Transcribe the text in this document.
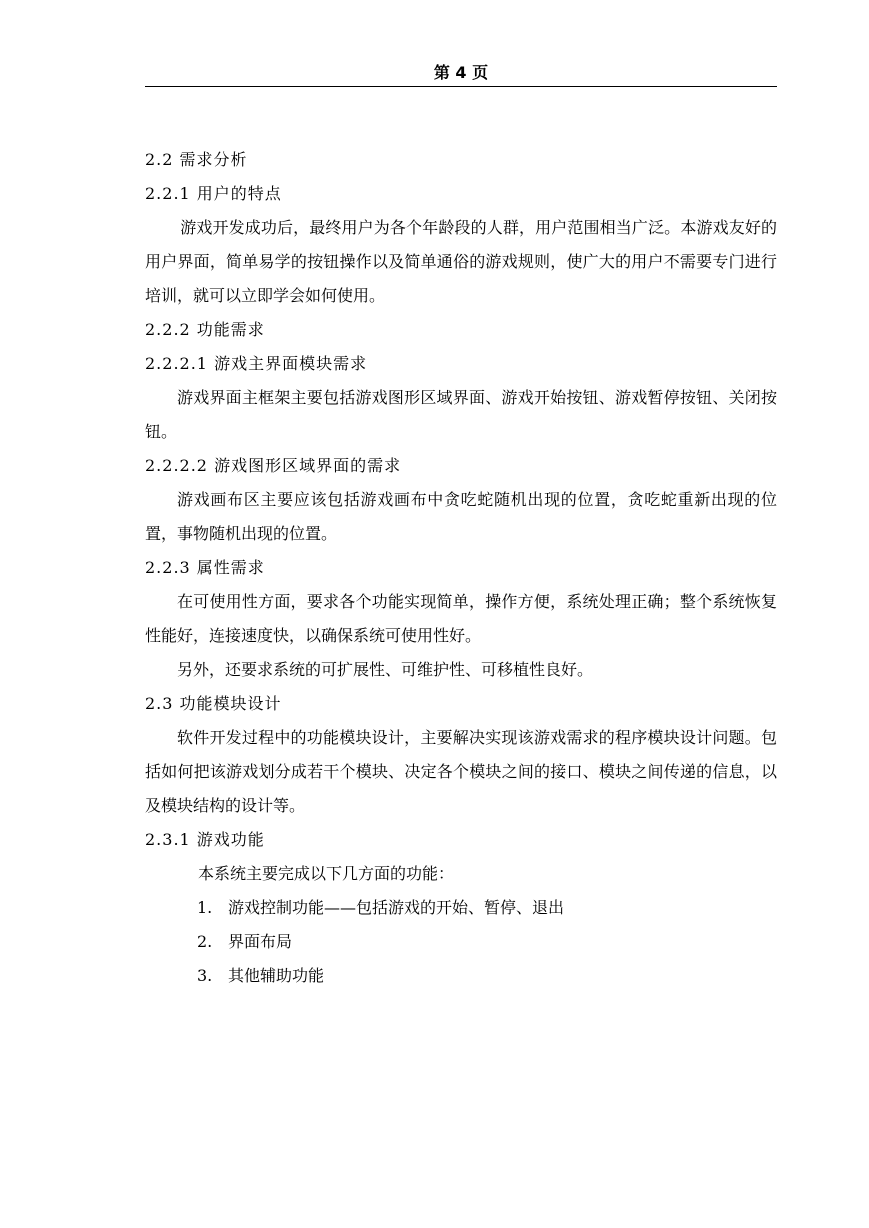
第 4 页

2.2 需求分析

2.2.1 用户的特点

游戏开发成功后，最终用户为各个年龄段的人群，用户范围相当广泛。本游戏友好的用户界面，简单易学的按钮操作以及简单通俗的游戏规则，使广大的用户不需要专门进行培训，就可以立即学会如何使用。

2.2.2 功能需求

2.2.2.1 游戏主界面模块需求

游戏界面主框架主要包括游戏图形区域界面、游戏开始按钮、游戏暂停按钮、关闭按钮。

2.2.2.2 游戏图形区域界面的需求

游戏画布区主要应该包括游戏画布中贪吃蛇随机出现的位置，贪吃蛇重新出现的位置，事物随机出现的位置。

2.2.3 属性需求

在可使用性方面，要求各个功能实现简单，操作方便，系统处理正确；整个系统恢复性能好，连接速度快，以确保系统可使用性好。

另外，还要求系统的可扩展性、可维护性、可移植性良好。

2.3 功能模块设计

软件开发过程中的功能模块设计，主要解决实现该游戏需求的程序模块设计问题。包括如何把该游戏划分成若干个模块、决定各个模块之间的接口、模块之间传递的信息，以及模块结构的设计等。

2.3.1 游戏功能

本系统主要完成以下几方面的功能：

1. 游戏控制功能——包括游戏的开始、暂停、退出
2. 界面布局
3. 其他辅助功能
